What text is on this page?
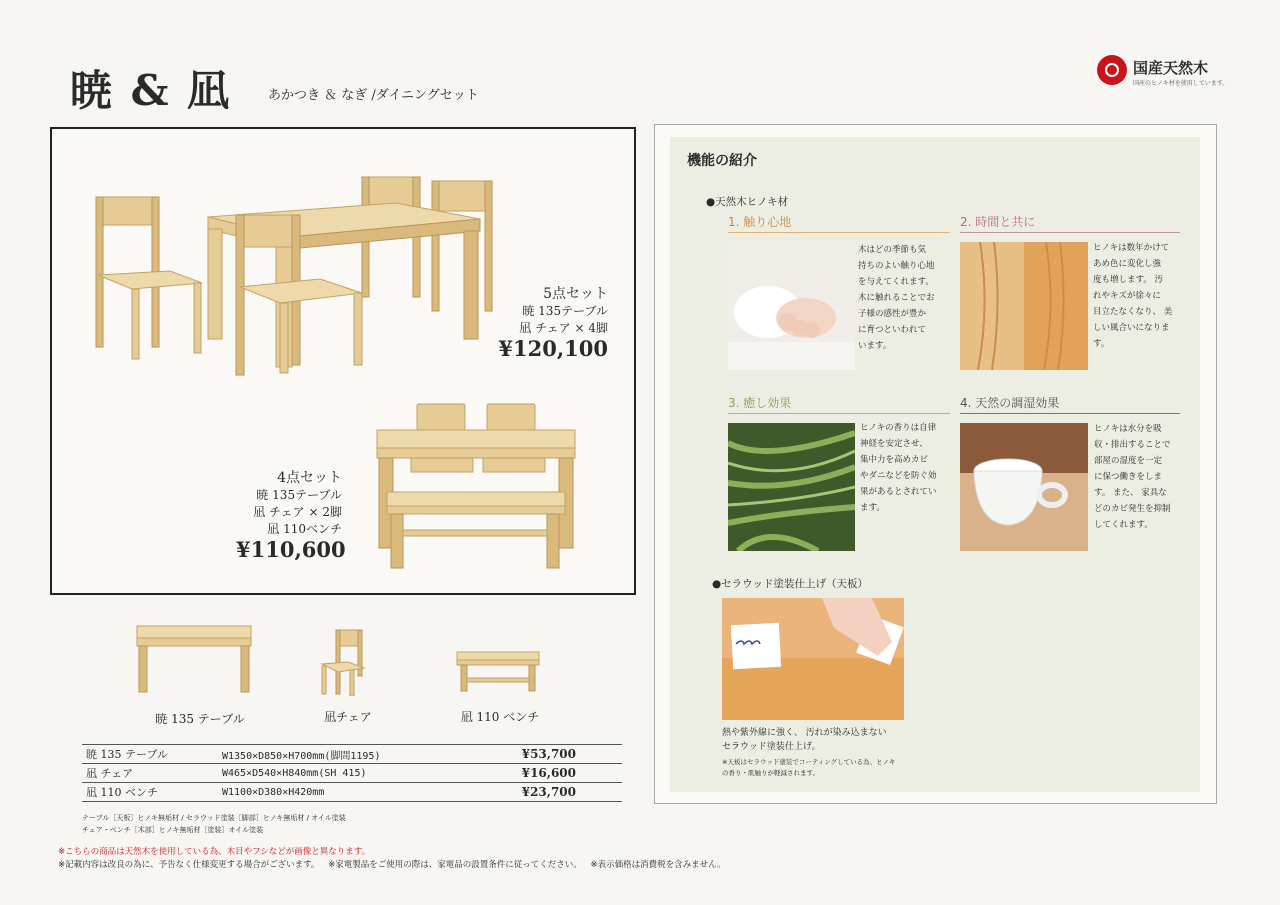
暁 & 凪	あかつき ＆ なぎ /ダイニングセット
国産天然木
国産のヒノキ材を使用しています。
5点セット
暁 135テーブル
凪 チェア × 4脚
¥120,100
4点セット
暁 135テーブル
凪 チェア × 2脚
凪 110ベンチ
¥110,600
暁 135 テーブル	凪チェア	凪 110 ベンチ
暁 135 テーブル	W1350×D850×H700mm(脚間1195)	¥53,700
凪 チェア	W465×D540×H840mm(SH 415)	¥16,600
凪 110 ベンチ	W1100×D380×H420mm	¥23,700
テーブル［天板］ヒノキ無垢材 / セラウッド塗装［脚部］ヒノキ無垢材 / オイル塗装
チェア・ベンチ［木部］ヒノキ無垢材［塗装］オイル塗装
※こちらの商品は天然木を使用している為、木目やフシなどが画像と異なります。
※記載内容は改良の為に、予告なく仕様変更する場合がございます。 ※家電製品をご使用の際は、家電品の設置条件に従ってください。 ※表示価格は消費税を含みません。
機能の紹介
●天然木ヒノキ材
1. 触り心地
木はどの季節も気
持ちのよい触り心地
を与えてくれます。
木に触れることでお
子様の感性が豊か
に育つといわれて
います。
2. 時間と共に
ヒノキは数年かけて
あめ色に変化し強
度も増します。 汚
れやキズが徐々に
目立たなくなり、 美
しい風合いになりま
す。
3. 癒し効果
ヒノキの香りは自律
神経を安定させ、
集中力を高めカビ
やダニなどを防ぐ効
果があるとされてい
ます。
4. 天然の調湿効果
ヒノキは水分を吸
収・排出することで
部屋の湿度を一定
に保つ働きをしま
す。 また、 家具な
どのカビ発生を抑制
してくれます。
●セラウッド塗装仕上げ（天板）
熱や紫外線に強く、 汚れが染み込まない
セラウッド塗装仕上げ。
※天板はセラウッド塗装でコーティングしている為、ヒノキ
の香り・肌触りが軽減されます。
